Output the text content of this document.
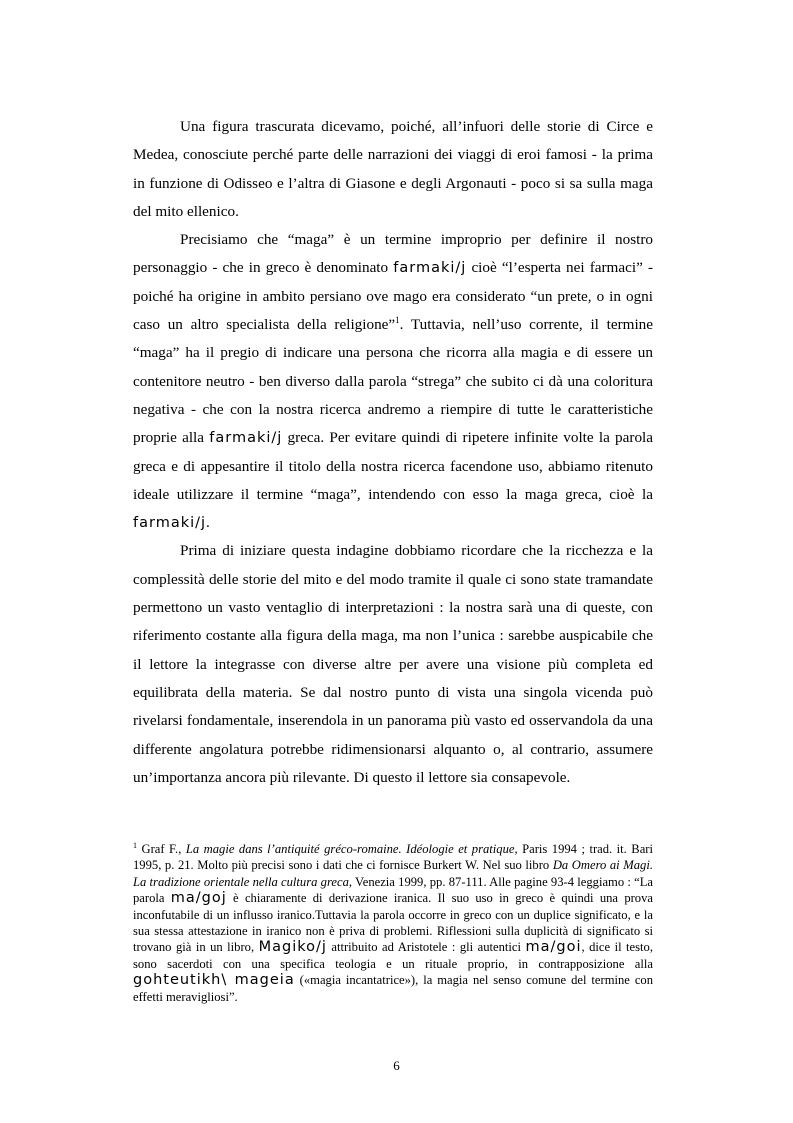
Una figura trascurata dicevamo, poiché, all’infuori delle storie di Circe e Medea, conosciute perché parte delle narrazioni dei viaggi di eroi famosi - la prima in funzione di Odisseo e l’altra di Giasone e degli Argonauti - poco si sa sulla maga del mito ellenico.

Precisiamo che “maga” è un termine improprio per definire il nostro personaggio - che in greco è denominato farmaki/j cioè “l’esperta nei farmaci” - poiché ha origine in ambito persiano ove mago era considerato “un prete, o in ogni caso un altro specialista della religione”$^1$. Tuttavia, nell’uso corrente, il termine “maga” ha il pregio di indicare una persona che ricorra alla magia e di essere un contenitore neutro - ben diverso dalla parola “strega” che subito ci dà una coloritura negativa - che con la nostra ricerca andremo a riempire di tutte le caratteristiche proprie alla farmaki/j greca. Per evitare quindi di ripetere infinite volte la parola greca e di appesantire il titolo della nostra ricerca facendone uso, abbiamo ritenuto ideale utilizzare il termine “maga”, intendendo con esso la maga greca, cioè la farmaki/j.

Prima di iniziare questa indagine dobbiamo ricordare che la ricchezza e la complessità delle storie del mito e del modo tramite il quale ci sono state tramandate permettono un vasto ventaglio di interpretazioni : la nostra sarà una di queste, con riferimento costante alla figura della maga, ma non l’unica : sarebbe auspicabile che il lettore la integrasse con diverse altre per avere una visione più completa ed equilibrata della materia. Se dal nostro punto di vista una singola vicenda può rivelarsi fondamentale, inserendola in un panorama più vasto ed osservandola da una differente angolatura potrebbe ridimensionarsi alquanto o, al contrario, assumere un’importanza ancora più rilevante. Di questo il lettore sia consapevole.

$^1$ Graf F., La magie dans l’antiquité gréco-romaine. Idéologie et pratique, Paris 1994 ; trad. it. Bari 1995, p. 21. Molto più precisi sono i dati che ci fornisce Burkert W. Nel suo libro Da Omero ai Magi. La tradizione orientale nella cultura greca, Venezia 1999, pp. 87-111. Alle pagine 93-4 leggiamo : “La parola ma/goj è chiaramente di derivazione iranica. Il suo uso in greco è quindi una prova inconfutabile di un influsso iranico.Tuttavia la parola occorre in greco con un duplice significato, e la sua stessa attestazione in iranico non è priva di problemi. Riflessioni sulla duplicità di significato si trovano già in un libro, Magiko/j attribuito ad Aristotele : gli autentici ma/goi, dice il testo, sono sacerdoti con una specifica teologia e un rituale proprio, in contrapposizione alla gohteutikh\ mageia («magia incantatrice»), la magia nel senso comune del termine con effetti meravigliosi”.

6
